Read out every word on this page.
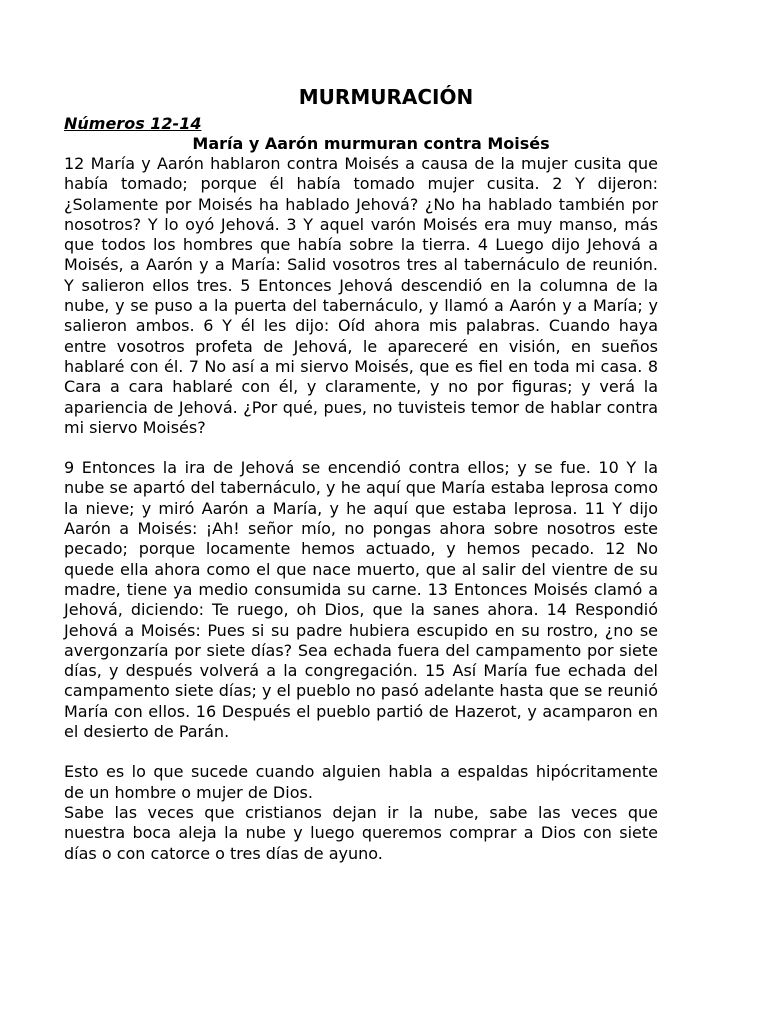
MURMURACIÓN

Números 12-14

María y Aarón murmuran contra Moisés

12 María y Aarón hablaron contra Moisés a causa de la mujer cusita que había tomado; porque él había tomado mujer cusita. 2 Y dijeron: ¿Solamente por Moisés ha hablado Jehová? ¿No ha hablado también por nosotros? Y lo oyó Jehová. 3 Y aquel varón Moisés era muy manso, más que todos los hombres que había sobre la tierra. 4 Luego dijo Jehová a Moisés, a Aarón y a María: Salid vosotros tres al tabernáculo de reunión. Y salieron ellos tres. 5 Entonces Jehová descendió en la columna de la nube, y se puso a la puerta del tabernáculo, y llamó a Aarón y a María; y salieron ambos. 6 Y él les dijo: Oíd ahora mis palabras. Cuando haya entre vosotros profeta de Jehová, le apareceré en visión, en sueños hablaré con él. 7 No así a mi siervo Moisés, que es fiel en toda mi casa. 8 Cara a cara hablaré con él, y claramente, y no por figuras; y verá la apariencia de Jehová. ¿Por qué, pues, no tuvisteis temor de hablar contra mi siervo Moisés?

9 Entonces la ira de Jehová se encendió contra ellos; y se fue. 10 Y la nube se apartó del tabernáculo, y he aquí que María estaba leprosa como la nieve; y miró Aarón a María, y he aquí que estaba leprosa. 11 Y dijo Aarón a Moisés: ¡Ah! señor mío, no pongas ahora sobre nosotros este pecado; porque locamente hemos actuado, y hemos pecado. 12 No quede ella ahora como el que nace muerto, que al salir del vientre de su madre, tiene ya medio consumida su carne. 13 Entonces Moisés clamó a Jehová, diciendo: Te ruego, oh Dios, que la sanes ahora. 14 Respondió Jehová a Moisés: Pues si su padre hubiera escupido en su rostro, ¿no se avergonzaría por siete días? Sea echada fuera del campamento por siete días, y después volverá a la congregación. 15 Así María fue echada del campamento siete días; y el pueblo no pasó adelante hasta que se reunió María con ellos. 16 Después el pueblo partió de Hazerot, y acamparon en el desierto de Parán.

Esto es lo que sucede cuando alguien habla a espaldas hipócritamente de un hombre o mujer de Dios.

Sabe las veces que cristianos dejan ir la nube, sabe las veces que nuestra boca aleja la nube y luego queremos comprar a Dios con siete días o con catorce o tres días de ayuno.
